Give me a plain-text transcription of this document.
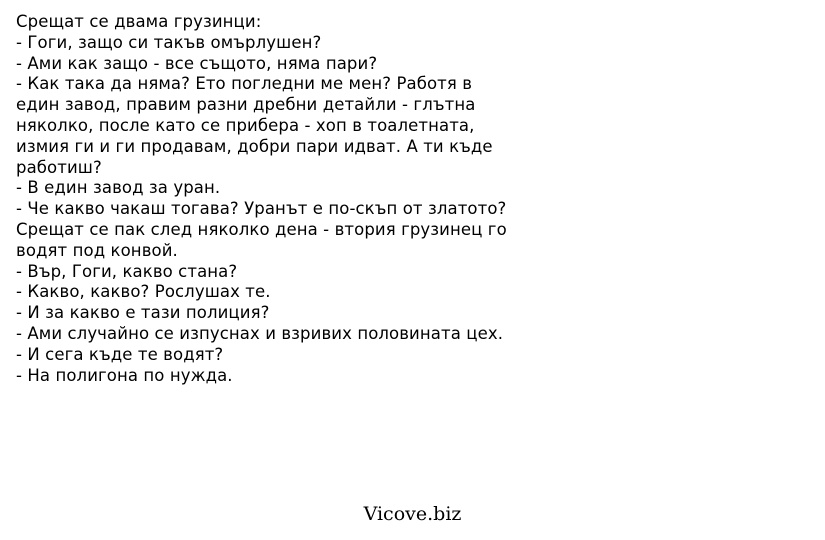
Срещат се двама грузинци:
- Гоги, защо си такъв омърлушен?
- Ами как защо - все същото, няма пари?
- Как така да няма? Ето погледни ме мен? Работя в
един завод, правим разни дребни детайли - глътна
няколко, после като се прибера - хоп в тоалетната,
измия ги и ги продавам, добри пари идват. А ти къде
работиш?
- В един завод за уран.
- Че какво чакаш тогава? Уранът е по-скъп от златото?
Срещат се пак след няколко дена - втория грузинец го
водят под конвой.
- Вър, Гоги, какво стана?
- Какво, какво? Рослушах те.
- И за какво е тази полиция?
- Ами случайно се изпуснах и взривих половината цех.
- И сега къде те водят?
- На полигона по нужда.
Vicove.biz
